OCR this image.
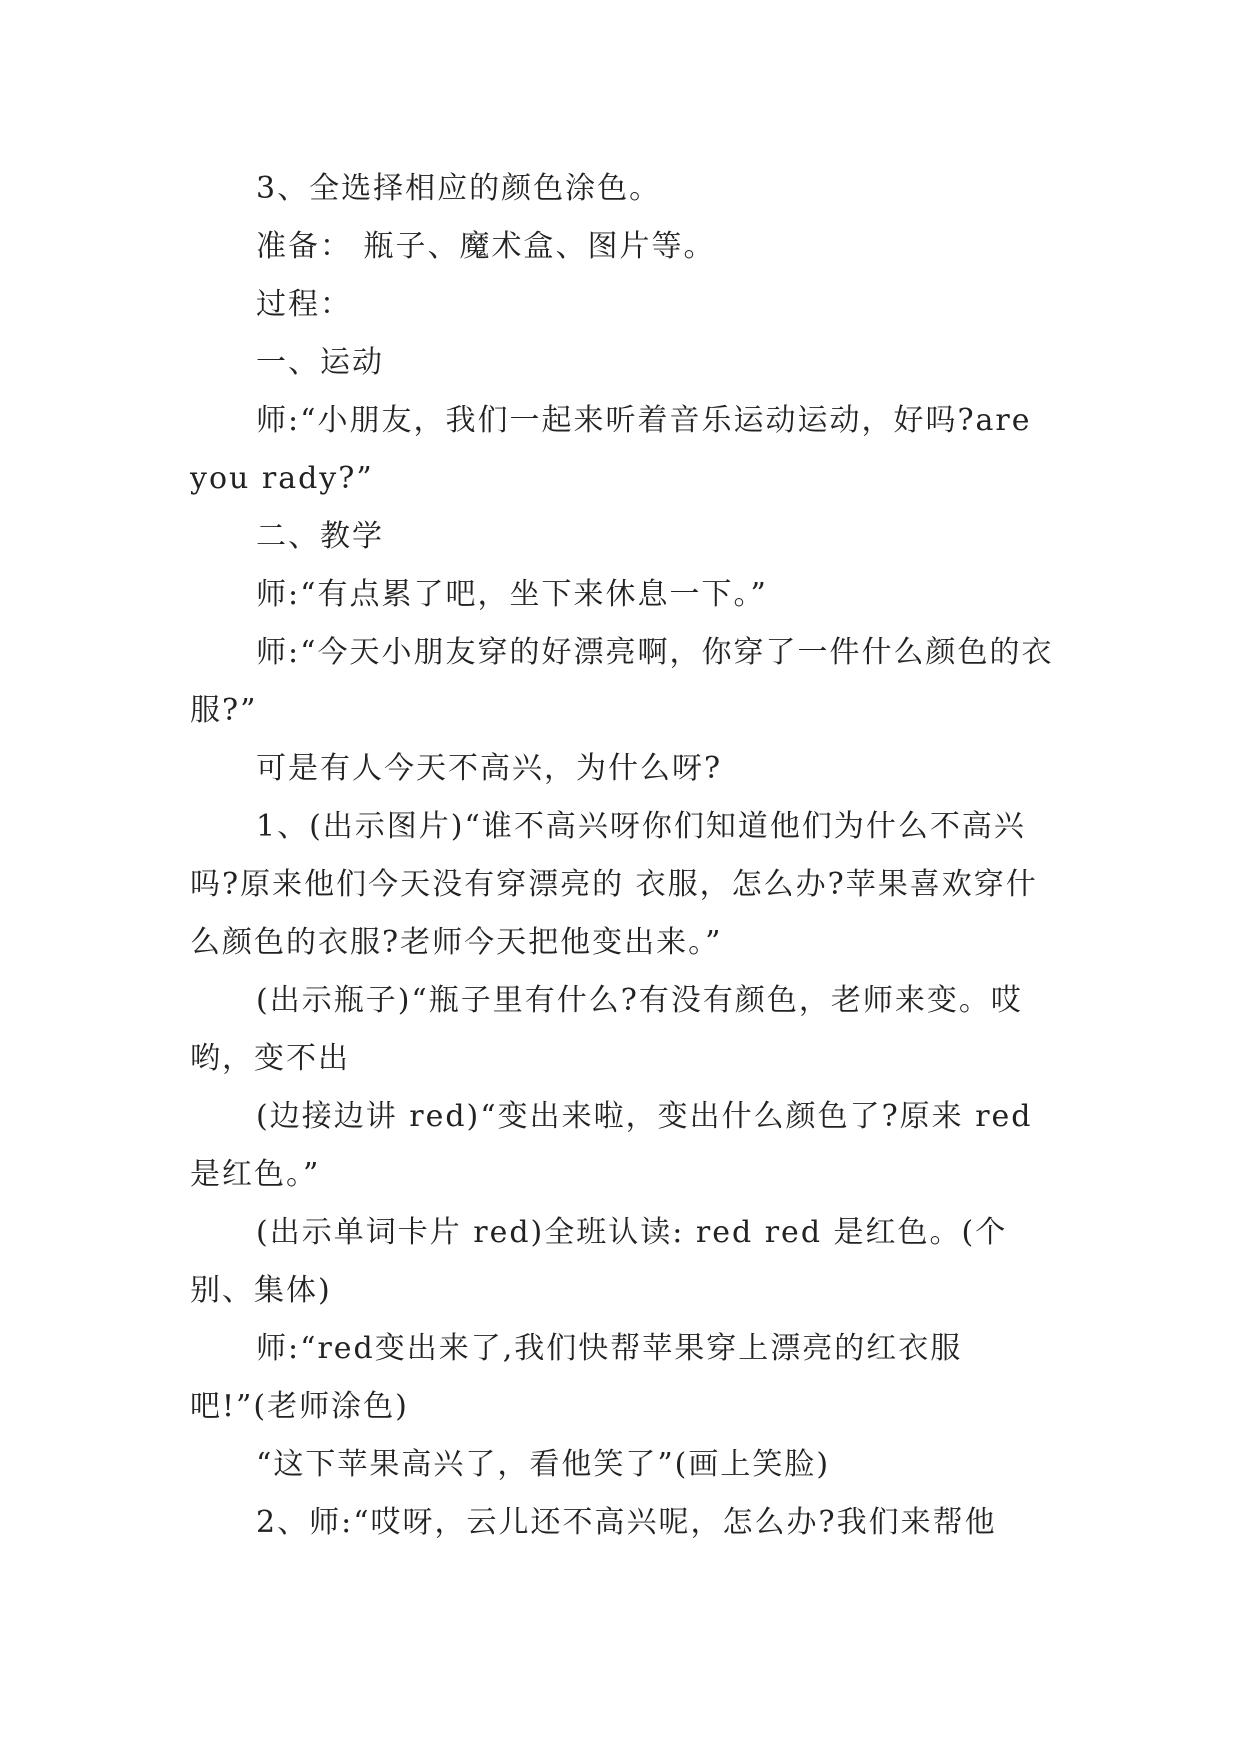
3、全选择相应的颜色涂色。

准备： 瓶子、魔术盒、图片等。

过程：

一、运动

师:“小朋友，我们一起来听着音乐运动运动，好吗?are you rady?”

二、教学

师:“有点累了吧，坐下来休息一下。”

师:“今天小朋友穿的好漂亮啊，你穿了一件什么颜色的衣服?”

可是有人今天不高兴，为什么呀?

1、(出示图片)“谁不高兴呀你们知道他们为什么不高兴吗?原来他们今天没有穿漂亮的 衣服，怎么办?苹果喜欢穿什么颜色的衣服?老师今天把他变出来。”

(出示瓶子)“瓶子里有什么?有没有颜色，老师来变。哎哟，变不出

(边接边讲 red)“变出来啦，变出什么颜色了?原来 red 是红色。”

(出示单词卡片 red)全班认读: red red 是红色。(个别、集体)

师:“red变出来了,我们快帮苹果穿上漂亮的红衣服吧!”(老师涂色)

“这下苹果高兴了，看他笑了”(画上笑脸)

2、师:“哎呀，云儿还不高兴呢，怎么办?我们来帮他
